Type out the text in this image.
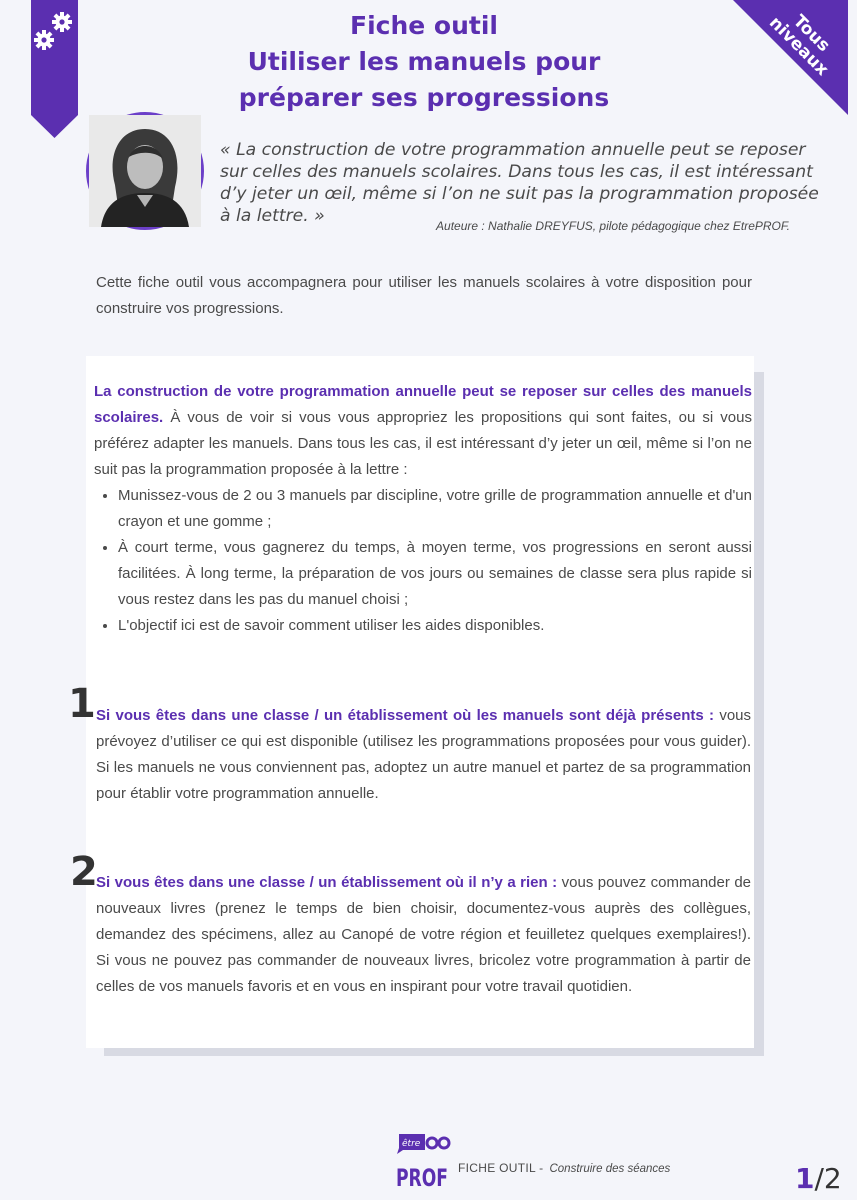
Tous niveaux
Fiche outil
Utiliser les manuels pour
préparer ses progressions
« La construction de votre programmation annuelle peut se reposer sur celles des manuels scolaires. Dans tous les cas, il est intéressant d’y jeter un œil, même si l’on ne suit pas la programmation proposée à la lettre. »	Auteure : Nathalie DREYFUS, pilote pédagogique chez EtrePROF.
Cette fiche outil vous accompagnera pour utiliser les manuels scolaires à votre disposition pour construire vos progressions.
La construction de votre programmation annuelle peut se reposer sur celles des manuels scolaires. À vous de voir si vous vous appropriez les propositions qui sont faites, ou si vous préférez adapter les manuels. Dans tous les cas, il est intéressant d’y jeter un œil, même si l’on ne suit pas la programmation proposée à la lettre :
• Munissez-vous de 2 ou 3 manuels par discipline, votre grille de programmation annuelle et d'un crayon et une gomme ;
• À court terme, vous gagnerez du temps, à moyen terme, vos progressions en seront aussi facilitées. À long terme, la préparation de vos jours ou semaines de classe sera plus rapide si vous restez dans les pas du manuel choisi ;
• L'objectif ici est de savoir comment utiliser les aides disponibles.
1 Si vous êtes dans une classe / un établissement où les manuels sont déjà présents : vous prévoyez d’utiliser ce qui est disponible (utilisez les programmations proposées pour vous guider). Si les manuels ne vous conviennent pas, adoptez un autre manuel et partez de sa programmation pour établir votre programmation annuelle.
2
Si vous êtes dans une classe / un établissement où il n’y a rien : vous pouvez commander de nouveaux livres (prenez le temps de bien choisir, documentez-vous auprès des collègues, demandez des spécimens, allez au Canopé de votre région et feuilletez quelques exemplaires!). Si vous ne pouvez pas commander de nouveaux livres, bricolez votre programmation à partir de celles de vos manuels favoris et en vous en inspirant pour votre travail quotidien.
être
PROF FICHE OUTIL - Construire des séances	1/2
